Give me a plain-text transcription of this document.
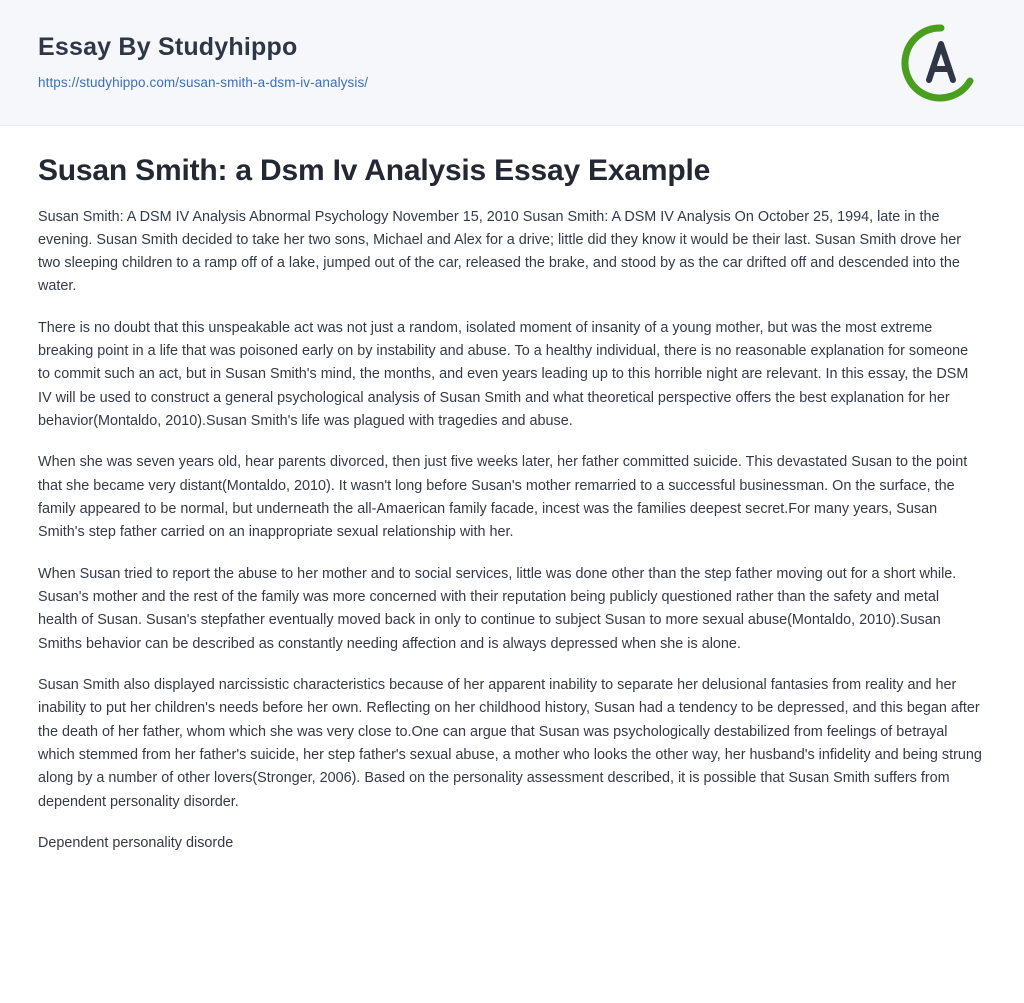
Essay By Studyhippo
https://studyhippo.com/susan-smith-a-dsm-iv-analysis/
Susan Smith: a Dsm Iv Analysis Essay Example

Susan Smith: A DSM IV Analysis Abnormal Psychology November 15, 2010 Susan Smith: A DSM IV Analysis On October 25, 1994, late in the evening. Susan Smith decided to take her two sons, Michael and Alex for a drive; little did they know it would be their last. Susan Smith drove her two sleeping children to a ramp off of a lake, jumped out of the car, released the brake, and stood by as the car drifted off and descended into the water.

There is no doubt that this unspeakable act was not just a random, isolated moment of insanity of a young mother, but was the most extreme breaking point in a life that was poisoned early on by instability and abuse. To a healthy individual, there is no reasonable explanation for someone to commit such an act, but in Susan Smith's mind, the months, and even years leading up to this horrible night are relevant. In this essay, the DSM IV will be used to construct a general psychological analysis of Susan Smith and what theoretical perspective offers the best explanation for her behavior(Montaldo, 2010).Susan Smith's life was plagued with tragedies and abuse.

When she was seven years old, hear parents divorced, then just five weeks later, her father committed suicide. This devastated Susan to the point that she became very distant(Montaldo, 2010). It wasn't long before Susan's mother remarried to a successful businessman. On the surface, the family appeared to be normal, but underneath the all-Amaerican family facade, incest was the families deepest secret.For many years, Susan Smith's step father carried on an inappropriate sexual relationship with her.

When Susan tried to report the abuse to her mother and to social services, little was done other than the step father moving out for a short while. Susan's mother and the rest of the family was more concerned with their reputation being publicly questioned rather than the safety and metal health of Susan. Susan's stepfather eventually moved back in only to continue to subject Susan to more sexual abuse(Montaldo, 2010).Susan Smiths behavior can be described as constantly needing affection and is always depressed when she is alone.

Susan Smith also displayed narcissistic characteristics because of her apparent inability to separate her delusional fantasies from reality and her inability to put her children's needs before her own. Reflecting on her childhood history, Susan had a tendency to be depressed, and this began after the death of her father, whom which she was very close to.One can argue that Susan was psychologically destabilized from feelings of betrayal which stemmed from her father's suicide, her step father's sexual abuse, a mother who looks the other way, her husband's infidelity and being strung along by a number of other lovers(Stronger, 2006). Based on the personality assessment described, it is possible that Susan Smith suffers from dependent personality disorder.

Dependent personality disorde
